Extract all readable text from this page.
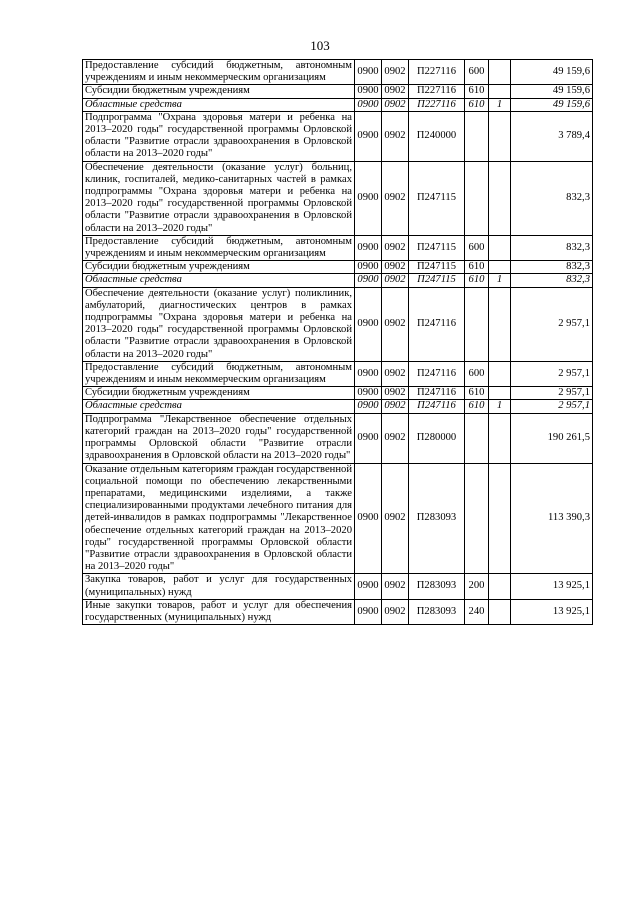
103
Предоставление субсидий бюджетным, автономным учреждениям и иным некоммерческим организациям	0900	0902	П227116	600		49 159,6
Субсидии бюджетным учреждениям	0900	0902	П227116	610		49 159,6
Областные средства	0900	0902	П227116	610	1	49 159,6
Подпрограмма "Охрана здоровья матери и ребенка на 2013–2020 годы" государственной программы Орловской области "Развитие отрасли здравоохранения в Орловской области на 2013–2020 годы"	0900	0902	П240000			3 789,4
Обеспечение деятельности (оказание услуг) больниц, клиник, госпиталей, медико-санитарных частей в рамках подпрограммы "Охрана здоровья матери и ребенка на 2013–2020 годы" государственной программы Орловской области "Развитие отрасли здравоохранения в Орловской области на 2013–2020 годы"	0900	0902	П247115			832,3
Предоставление субсидий бюджетным, автономным учреждениям и иным некоммерческим организациям	0900	0902	П247115	600		832,3
Субсидии бюджетным учреждениям	0900	0902	П247115	610		832,3
Областные средства	0900	0902	П247115	610	1	832,3
Обеспечение деятельности (оказание услуг) поликлиник, амбулаторий, диагностических центров в рамках подпрограммы "Охрана здоровья матери и ребенка на 2013–2020 годы" государственной программы Орловской области "Развитие отрасли здравоохранения в Орловской области на 2013–2020 годы"	0900	0902	П247116			2 957,1
Предоставление субсидий бюджетным, автономным учреждениям и иным некоммерческим организациям	0900	0902	П247116	600		2 957,1
Субсидии бюджетным учреждениям	0900	0902	П247116	610		2 957,1
Областные средства	0900	0902	П247116	610	1	2 957,1
Подпрограмма "Лекарственное обеспечение отдельных категорий граждан на 2013–2020 годы" государственной программы Орловской области "Развитие отрасли здравоохранения в Орловской области на 2013–2020 годы"	0900	0902	П280000			190 261,5
Оказание отдельным категориям граждан государственной социальной помощи по обеспечению лекарственными препаратами, медицинскими изделиями, а также специализированными продуктами лечебного питания для детей-инвалидов в рамках подпрограммы "Лекарственное обеспечение отдельных категорий граждан на 2013–2020 годы" государственной программы Орловской области "Развитие отрасли здравоохранения в Орловской области на 2013–2020 годы"	0900	0902	П283093			113 390,3
Закупка товаров, работ и услуг для государственных (муниципальных) нужд	0900	0902	П283093	200		13 925,1
Иные закупки товаров, работ и услуг для обеспечения государственных (муниципальных) нужд	0900	0902	П283093	240		13 925,1
